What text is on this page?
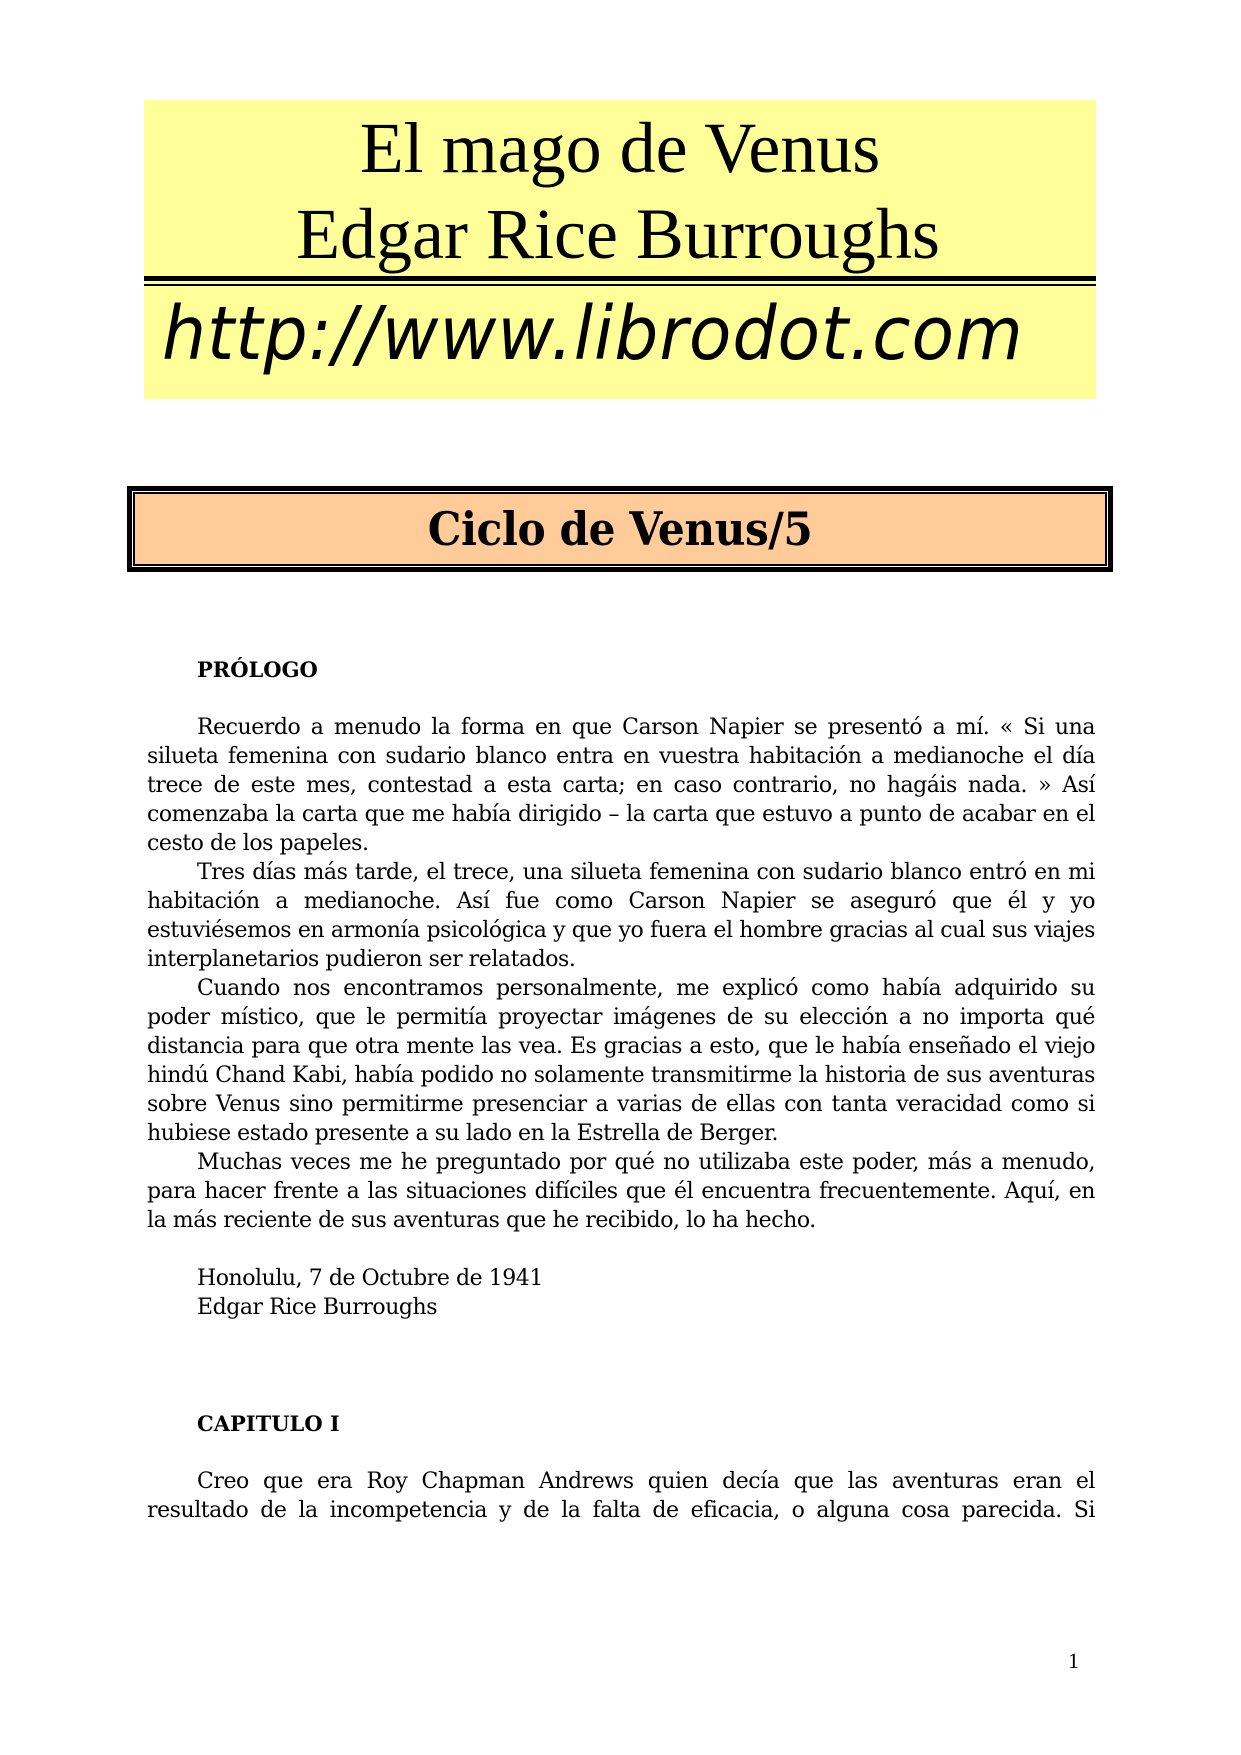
El mago de Venus
Edgar Rice Burroughs
http://www.librodot.com
Ciclo de Venus/5
PRÓLOGO

Recuerdo a menudo la forma en que Carson Napier se presentó a mí. « Si una silueta femenina con sudario blanco entra en vuestra habitación a medianoche el día trece de este mes, contestad a esta carta; en caso contrario, no hagáis nada. » Así comenzaba la carta que me había dirigido – la carta que estuvo a punto de acabar en el cesto de los papeles.

Tres días más tarde, el trece, una silueta femenina con sudario blanco entró en mi habitación a medianoche. Así fue como Carson Napier se aseguró que él y yo estuviésemos en armonía psicológica y que yo fuera el hombre gracias al cual sus viajes interplanetarios pudieron ser relatados.

Cuando nos encontramos personalmente, me explicó como había adquirido su poder místico, que le permitía proyectar imágenes de su elección a no importa qué distancia para que otra mente las vea. Es gracias a esto, que le había enseñado el viejo hindú Chand Kabi, había podido no solamente transmitirme la historia de sus aventuras sobre Venus sino permitirme presenciar a varias de ellas con tanta veracidad como si hubiese estado presente a su lado en la Estrella de Berger.

Muchas veces me he preguntado por qué no utilizaba este poder, más a menudo, para hacer frente a las situaciones difíciles que él encuentra frecuentemente. Aquí, en la más reciente de sus aventuras que he recibido, lo ha hecho.

Honolulu, 7 de Octubre de 1941
Edgar Rice Burroughs
CAPITULO I

Creo que era Roy Chapman Andrews quien decía que las aventuras eran el resultado de la incompetencia y de la falta de eficacia, o alguna cosa parecida. Si

1
